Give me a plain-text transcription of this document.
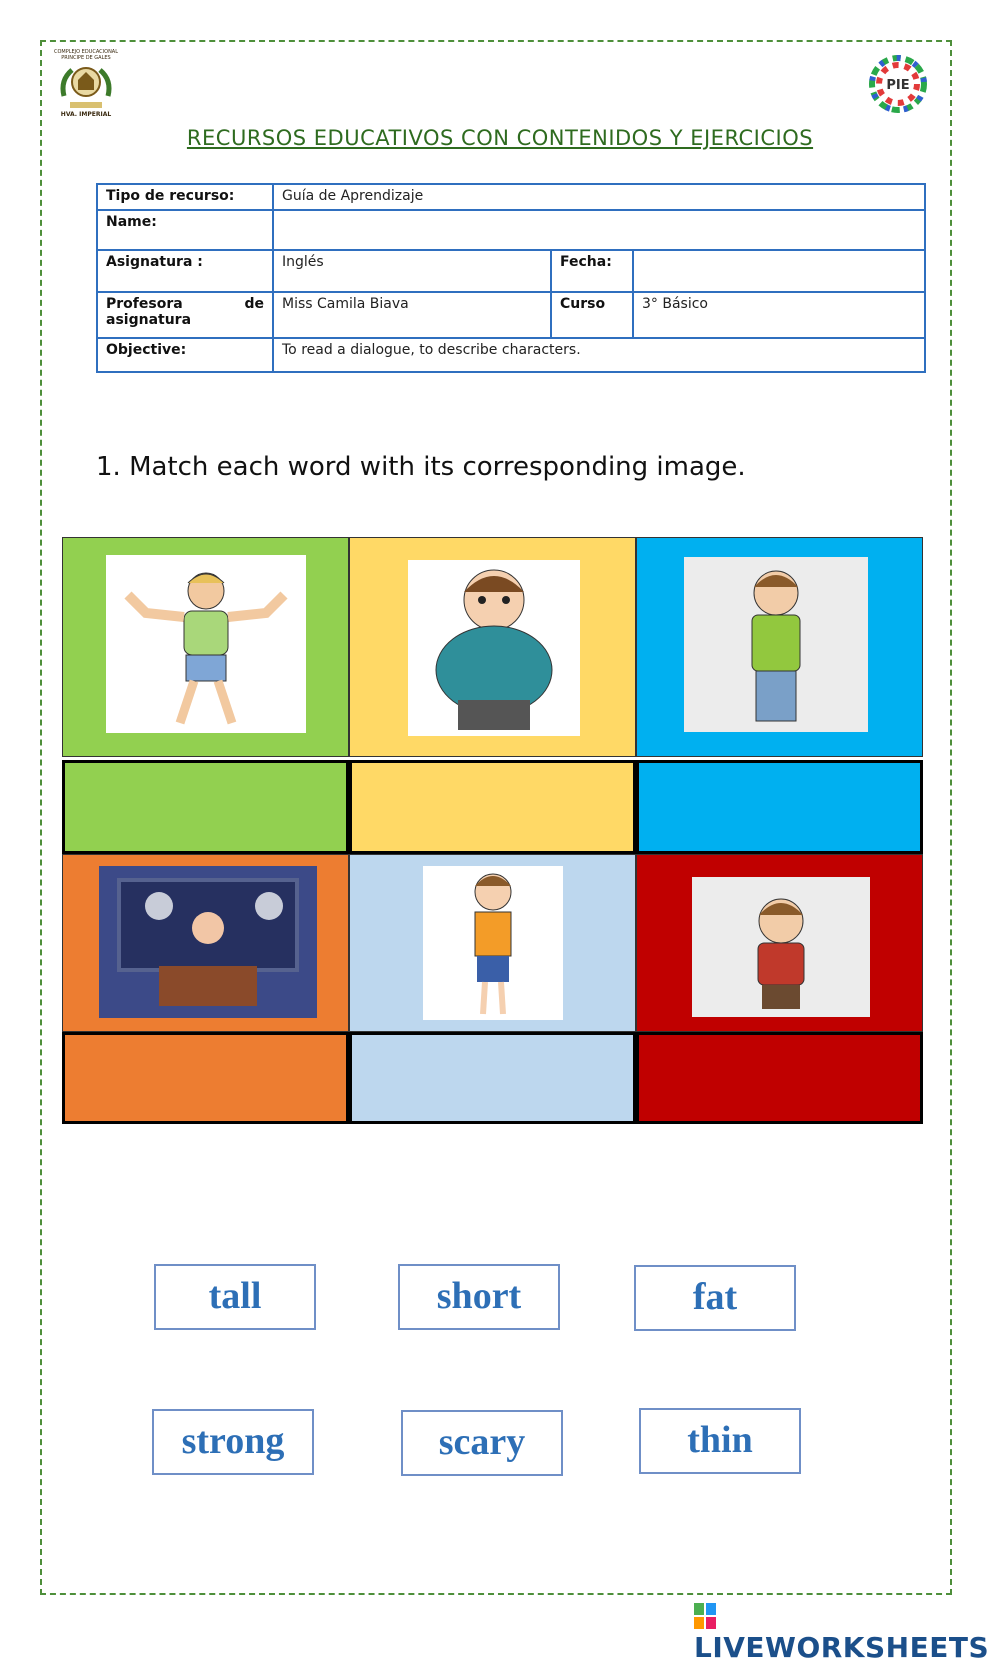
COMPLEJO EDUCACIONAL
PRINCIPE DE GALES
HVA. IMPERIAL
PIE
RECURSOS EDUCATIVOS CON CONTENIDOS Y EJERCICIOS
Tipo de recurso:	Guía de Aprendizaje		
Name:			
Asignatura :	Inglés	Fecha:	

Profesora de
asignatura	Miss Camila Biava	Curso	3° Básico
Objective:	To read a dialogue, to describe characters.		
1. Match each word with its corresponding image.
tall	short	fat
strong	scary	thin
LIVEWORKSHEETS
